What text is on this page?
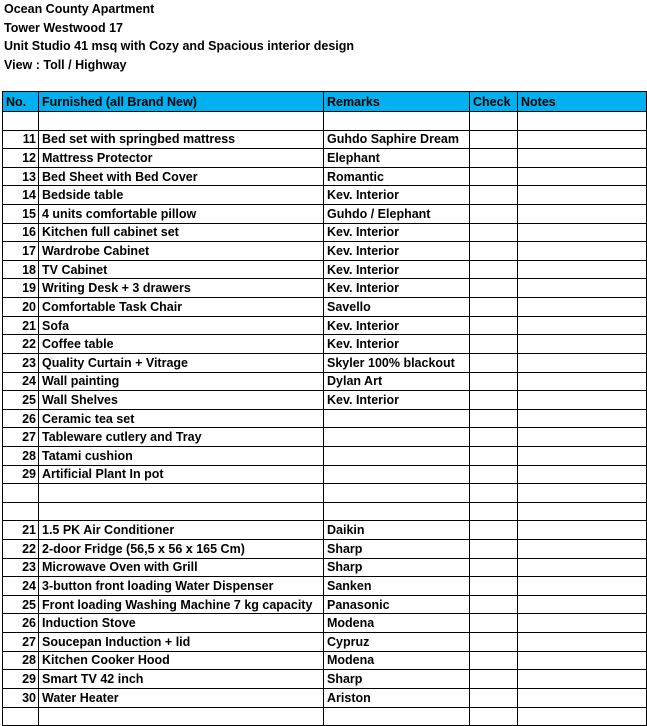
Ocean County Apartment
Tower Westwood 17
Unit Studio 41 msq with Cozy and Spacious interior design
View : Toll / Highway
No.	Furnished (all Brand New)	Remarks	Check	Notes

11	Bed set with springbed mattress	Guhdo Saphire Dream		
12	Mattress Protector	Elephant		
13	Bed Sheet with Bed Cover	Romantic		
14	Bedside table	Kev. Interior		
15	4 units comfortable pillow	Guhdo / Elephant		
16	Kitchen full cabinet set	Kev. Interior		
17	Wardrobe Cabinet	Kev. Interior		
18	TV Cabinet	Kev. Interior		
19	Writing Desk + 3 drawers	Kev. Interior		
20	Comfortable Task Chair	Savello		
21	Sofa	Kev. Interior		
22	Coffee table	Kev. Interior		
23	Quality Curtain + Vitrage	Skyler 100% blackout		
24	Wall painting	Dylan Art		
25	Wall Shelves	Kev. Interior		
26	Ceramic tea set			
27	Tableware cutlery and Tray			
28	Tatami cushion			
29	Artificial Plant In pot			

21	1.5 PK Air Conditioner	Daikin		
22	2-door Fridge (56,5 x 56 x 165 Cm)	Sharp		
23	Microwave Oven with Grill	Sharp		
24	3-button front loading Water Dispenser	Sanken		
25	Front loading Washing Machine 7 kg capacity	Panasonic		
26	Induction Stove	Modena		
27	Soucepan Induction + lid	Cypruz		
28	Kitchen Cooker Hood	Modena		
29	Smart TV 42 inch	Sharp		
30	Water Heater	Ariston		
